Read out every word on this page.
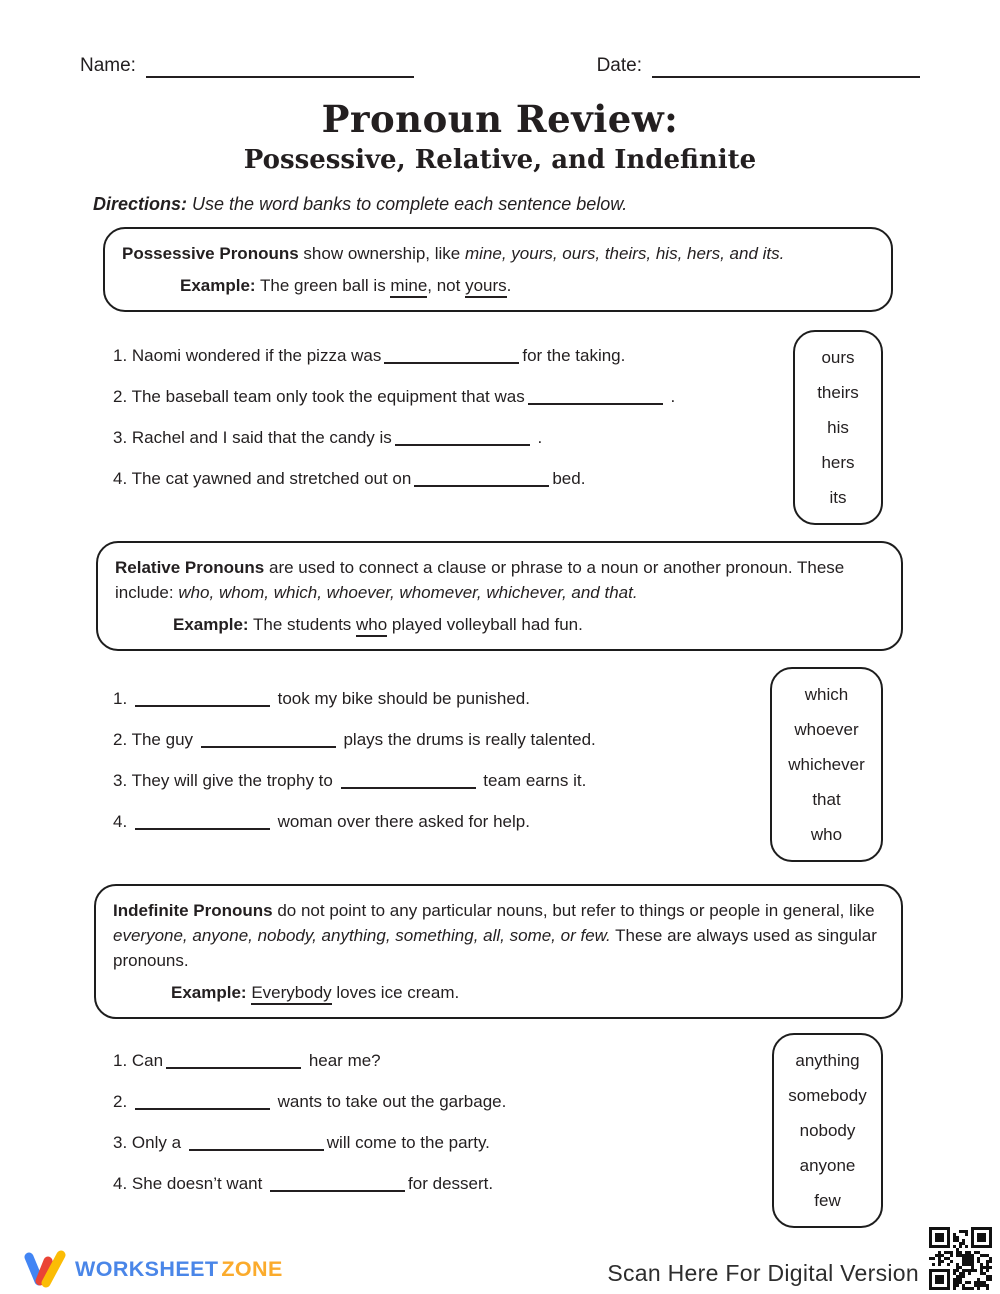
Name:	Date:
Pronoun Review:
Possessive, Relative, and Indefinite
Directions: Use the word banks to complete each sentence below.
Possessive Pronouns show ownership, like mine, yours, ours, theirs, his, hers, and its.
Example: The green ball is mine, not yours.
1. Naomi wondered if the pizza was	for the taking.
2. The baseball team only took the equipment that was	.
3. Rachel and I said that the candy is	.
4. The cat yawned and stretched out on	bed.
ours
theirs
his
hers
its
Relative Pronouns are used to connect a clause or phrase to a noun or another pronoun. These include: who, whom, which, whoever, whomever, whichever, and that.
Example: The students who played volleyball had fun.
1.	took my bike should be punished.
2. The guy	plays the drums is really talented.
3. They will give the trophy to	team earns it.
4.	woman over there asked for help.
which
whoever
whichever
that
who
Indefinite Pronouns do not point to any particular nouns, but refer to things or people in general, like everyone, anyone, nobody, anything, something, all, some, or few. These are always used as singular pronouns.
Example: Everybody loves ice cream.
1. Can	hear me?
2.	wants to take out the garbage.
3. Only a	will come to the party.
4. She doesn’t want	for dessert.
anything
somebody
nobody
anyone
few
WORKSHEET ZONE	Scan Here For Digital Version
